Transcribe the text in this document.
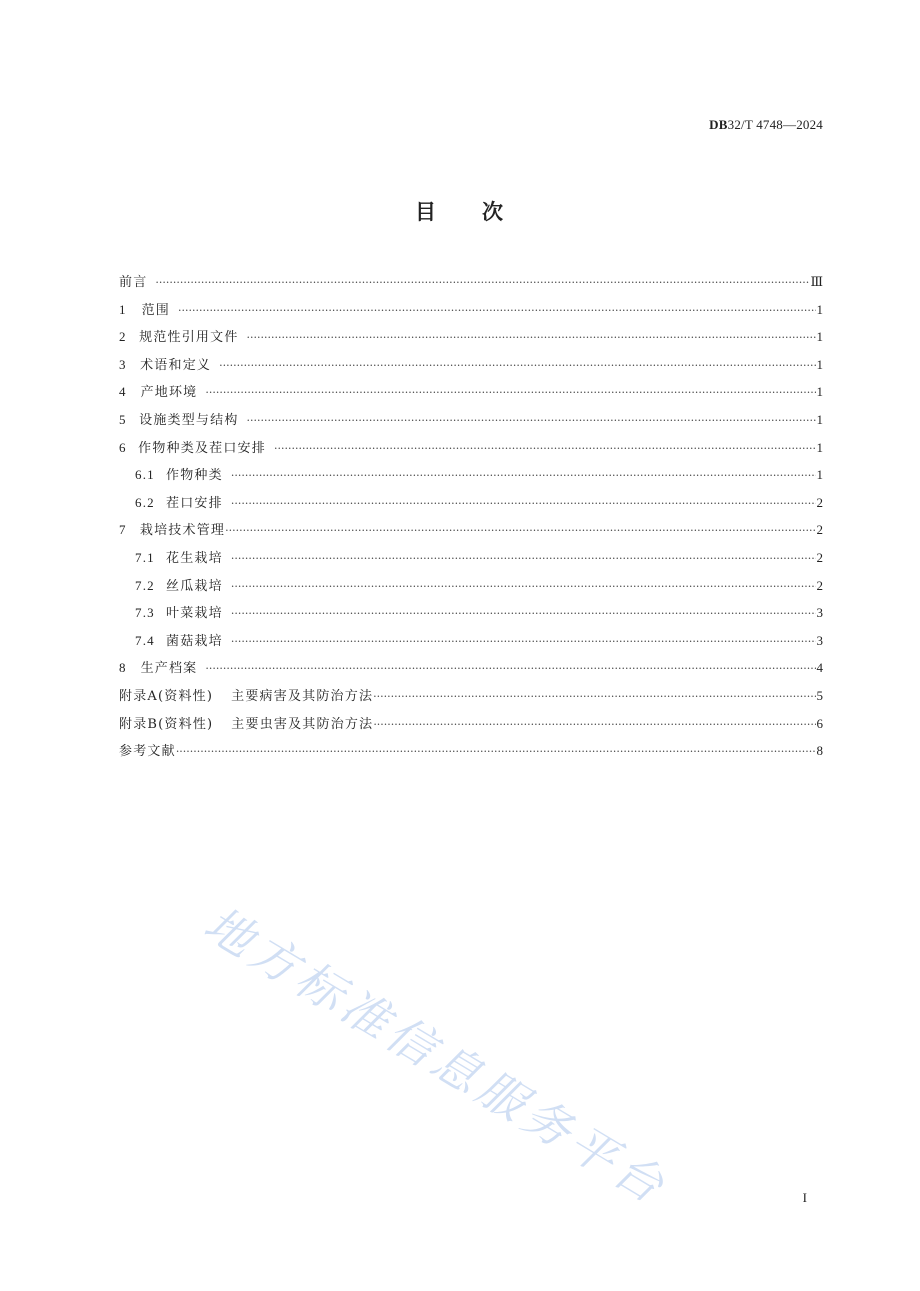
DB32/T 4748—2024
目 次
前言 ·····	Ⅲ
1	范围 ·····	1
2 规范性引用文件 ·····	1
3	术语和定义 ·····	1
4	产地环境 ·····	1
5 设施类型与结构 ·····	1
6 作物种类及茬口安排 ·····	1
6.1 作物种类 ·····	1
6.2 茬口安排 ·····	2
7	栽培技术管理 ·····	2
7.1 花生栽培 ·····	2
7.2 丝瓜栽培 ·····	2
7.3 叶菜栽培 ·····	3
7.4 菌菇栽培 ·····	3
8	生产档案 ·····	4
附录A(资料性) 主要病害及其防治方法 ·····	5
附录B(资料性) 主要虫害及其防治方法 ·····	6
参考文献 ·····	8
地方标准信息服务平台	I
